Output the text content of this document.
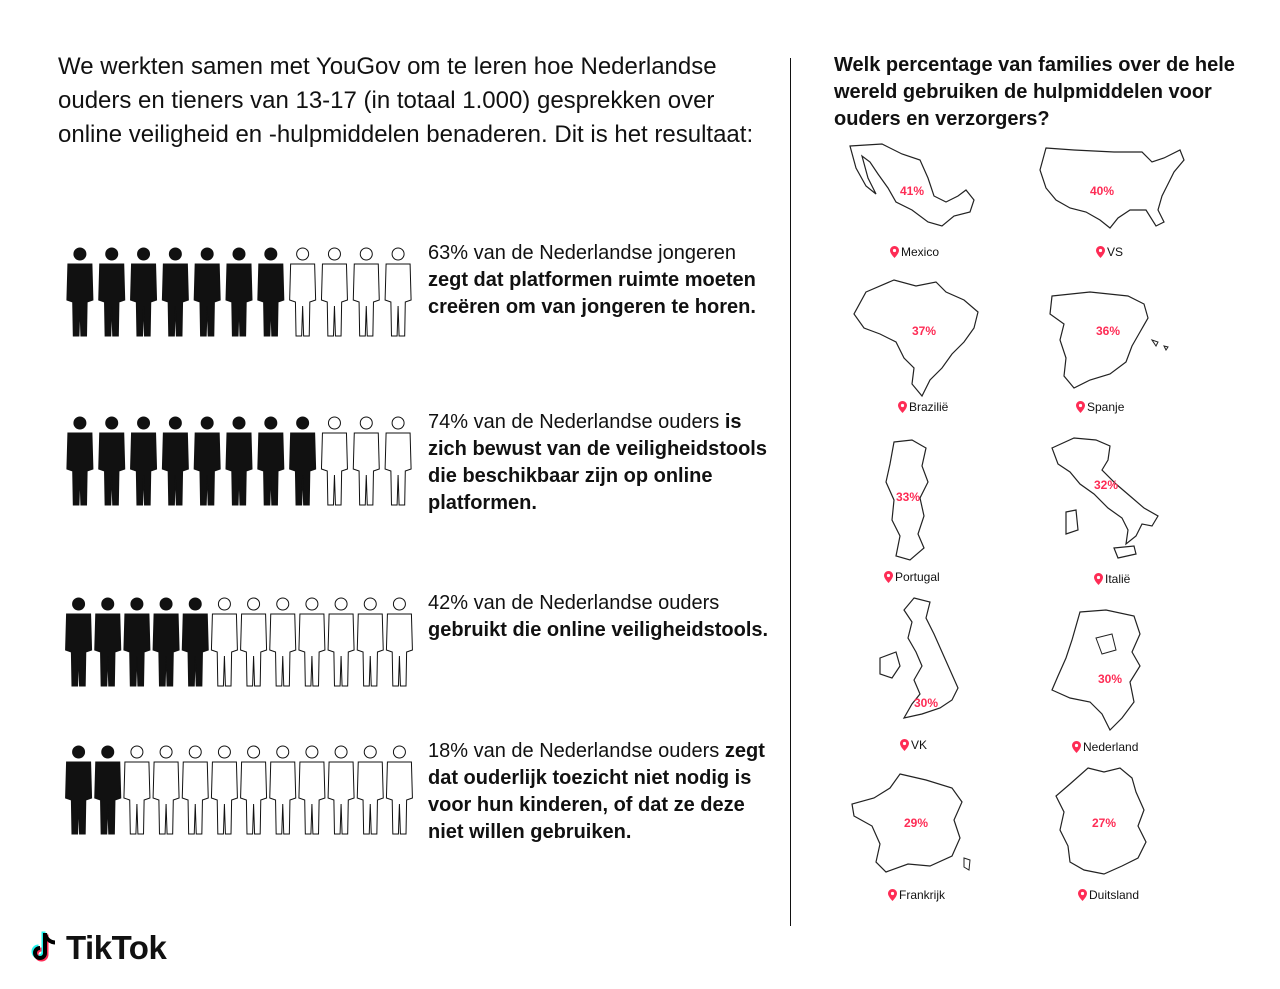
We werkten samen met YouGov om te leren hoe Nederlandse ouders en tieners van 13-17 (in totaal 1.000) gesprekken over online veiligheid en -hulpmiddelen benaderen. Dit is het resultaat:

63% van de Nederlandse jongeren zegt dat platformen ruimte moeten creëren om van jongeren te horen.

74% van de Nederlandse ouders is zich bewust van de veiligheidstools die beschikbaar zijn op online platformen.

42% van de Nederlandse ouders gebruikt die online veiligheidstools.

18% van de Nederlandse ouders zegt dat ouderlijk toezicht niet nodig is voor hun kinderen, of dat ze deze niet willen gebruiken.

Welk percentage van families over de hele wereld gebruiken de hulpmiddelen voor ouders en verzorgers?

41%
Mexico
40%
VS
37%
Brazilië
36%
Spanje
33%
Portugal
32%
Italië
30%
VK
30%
Nederland
29%
Frankrijk
27%
Duitsland
TikTok
